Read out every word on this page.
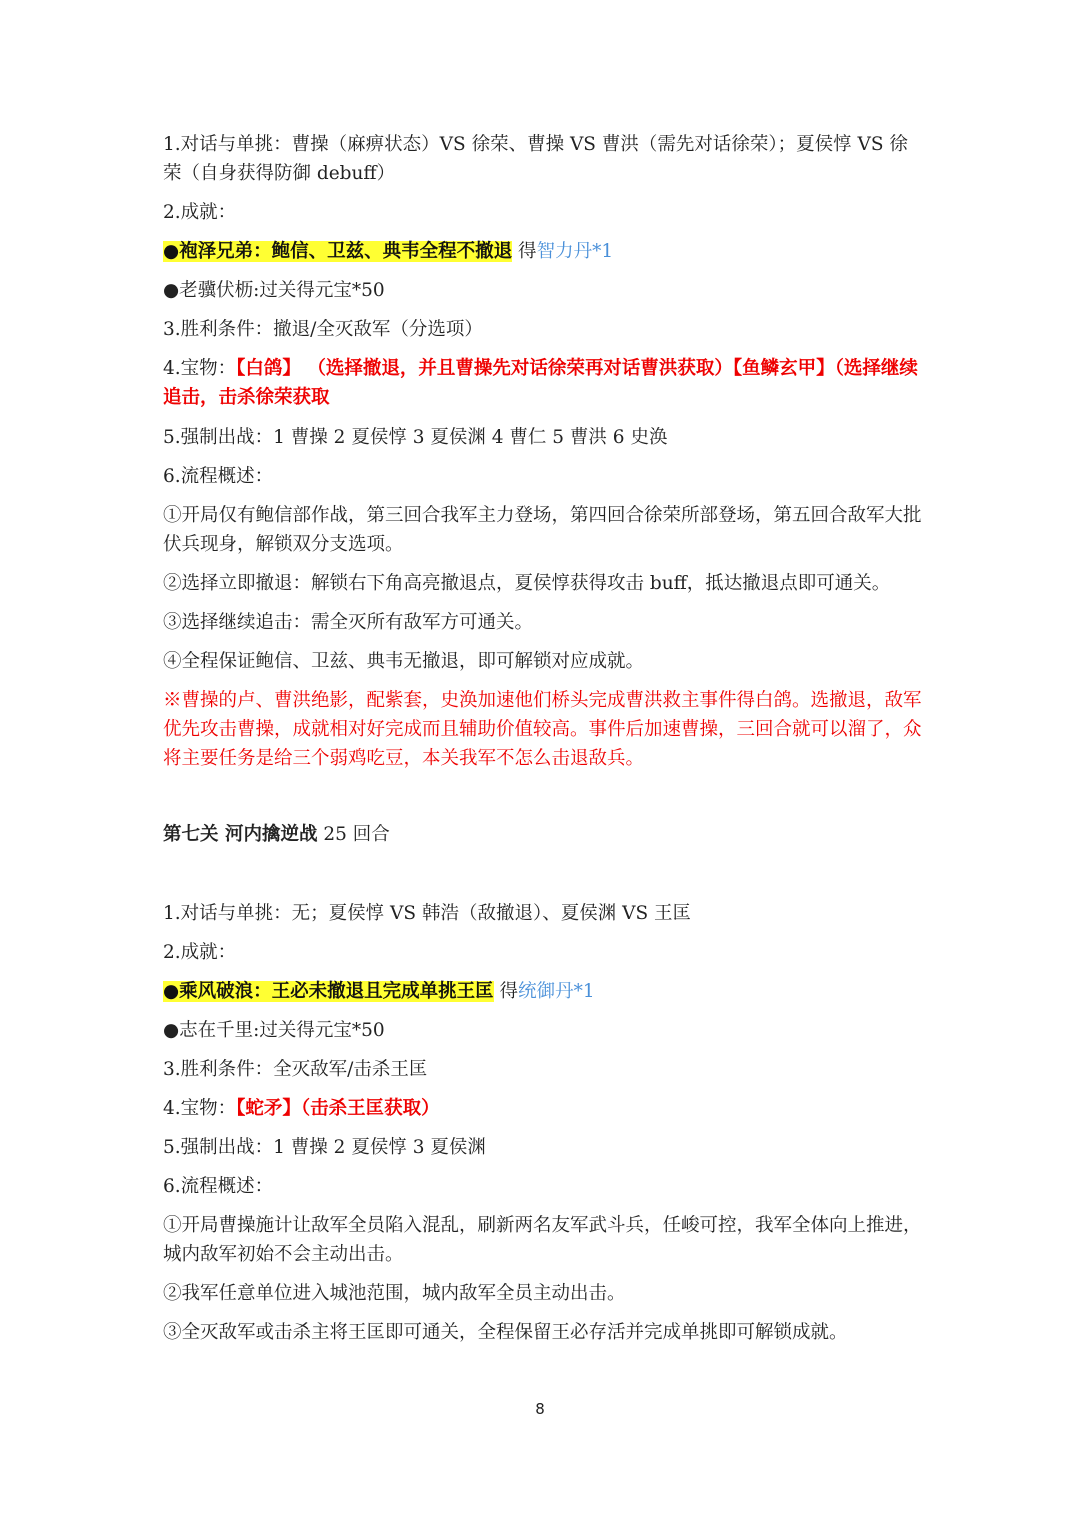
1.对话与单挑：曹操（麻痹状态）VS 徐荣、曹操 VS 曹洪（需先对话徐荣）；夏侯惇 VS 徐荣（自身获得防御 debuff）
2.成就：
●袍泽兄弟：鲍信、卫兹、典韦全程不撤退 得智力丹*1
●老骥伏枥:过关得元宝*50
3.胜利条件：撤退/全灭敌军（分选项）
4.宝物：【白鸽】 （选择撤退，并且曹操先对话徐荣再对话曹洪获取）【鱼鳞玄甲】（选择继续追击，击杀徐荣获取
5.强制出战：1 曹操 2 夏侯惇 3 夏侯渊 4 曹仁 5 曹洪 6 史涣
6.流程概述：
①开局仅有鲍信部作战，第三回合我军主力登场，第四回合徐荣所部登场，第五回合敌军大批伏兵现身，解锁双分支选项。
②选择立即撤退：解锁右下角高亮撤退点，夏侯惇获得攻击 buff，抵达撤退点即可通关。
③选择继续追击：需全灭所有敌军方可通关。
④全程保证鲍信、卫兹、典韦无撤退，即可解锁对应成就。
※曹操的卢、曹洪绝影，配紫套，史涣加速他们桥头完成曹洪救主事件得白鸽。选撤退，敌军优先攻击曹操，成就相对好完成而且辅助价值较高。事件后加速曹操，三回合就可以溜了，众将主要任务是给三个弱鸡吃豆，本关我军不怎么击退敌兵。
第七关 河内擒逆战 25 回合
1.对话与单挑：无；夏侯惇 VS 韩浩（敌撤退）、夏侯渊 VS 王匡
2.成就：
●乘风破浪：王必未撤退且完成单挑王匡 得统御丹*1
●志在千里:过关得元宝*50
3.胜利条件：全灭敌军/击杀王匡
4.宝物：【蛇矛】（击杀王匡获取）
5.强制出战：1 曹操 2 夏侯惇 3 夏侯渊
6.流程概述：
①开局曹操施计让敌军全员陷入混乱，刷新两名友军武斗兵，任峻可控，我军全体向上推进，城内敌军初始不会主动出击。
②我军任意单位进入城池范围，城内敌军全员主动出击。
③全灭敌军或击杀主将王匡即可通关，全程保留王必存活并完成单挑即可解锁成就。
8
